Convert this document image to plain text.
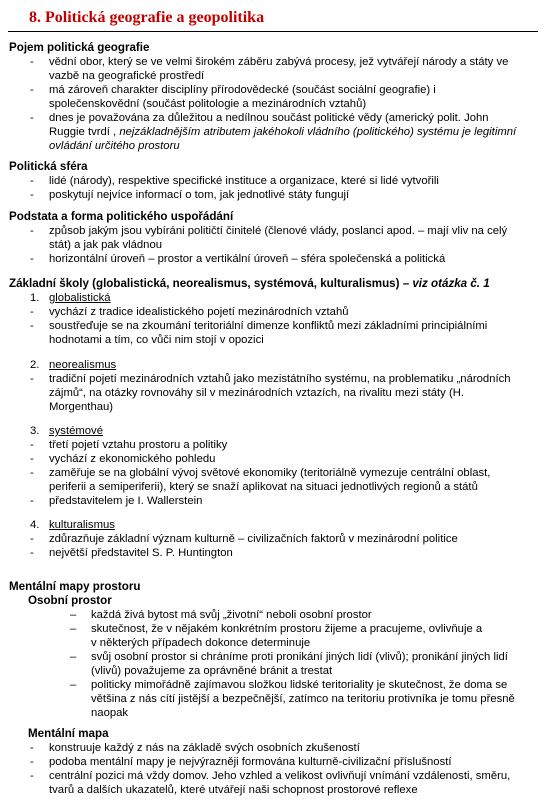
8. Politická geografie a geopolitika
Pojem politická geografie
- vědní obor, který se ve velmi širokém záběru zabývá procesy, jež vytvářejí národy a státy ve
vazbě na geografické prostředí
- má zároveň charakter disciplíny přírodovědecké (součást sociální geografie) i
společenskovědní (součást politologie a mezinárodních vztahů)
- dnes je považována za důležitou a nedílnou součást politické vědy (americký polit. John
Ruggie tvrdí , nejzákladnějším atributem jakéhokoli vládního (politického) systému je legitimní
ovládání určitého prostoru
Politická sféra
- lidé (národy), respektive specifické instituce a organizace, které si lidé vytvořili
- poskytují nejvíce informací o tom, jak jednotlivé státy fungují
Podstata a forma politického uspořádání
- způsob jakým jsou vybíráni političtí činitelé (členové vlády, poslanci apod. – mají vliv na celý
stát) a jak pak vládnou
- horizontální úroveň – prostor a vertikální úroveň – sféra společenská a politická
Základní školy (globalistická, neorealismus, systémová, kulturalismus) – viz otázka č. 1
1. globalistická
- vychází z tradice idealistického pojetí mezinárodních vztahů
- soustřeďuje se na zkoumání teritoriální dimenze konfliktů mezi základními principiálními
hodnotami a tím, co vůči nim stojí v opozici
2. neorealismus
- tradiční pojetí mezinárodních vztahů jako mezistátního systému, na problematiku „národních
zájmů“, na otázky rovnováhy sil v mezinárodních vztazích, na rivalitu mezi státy (H.
Morgenthau)
3. systémové
- třetí pojetí vztahu prostoru a politiky
- vychází z ekonomického pohledu
- zaměřuje se na globální vývoj světové ekonomiky (teritoriálně vymezuje centrální oblast,
periferii a semiperiferii), který se snaží aplikovat na situaci jednotlivých regionů a států
- představitelem je I. Wallerstein
4. kulturalismus
- zdůrazňuje základní význam kulturně – civilizačních faktorů v mezinárodní politice
- největší představitel S. P. Huntington
Mentální mapy prostoru
Osobní prostor
– každá živá bytost má svůj „životní“ neboli osobní prostor
– skutečnost, že v nějakém konkrétním prostoru žijeme a pracujeme, ovlivňuje a
v některých případech dokonce determinuje
– svůj osobní prostor si chráníme proti pronikání jiných lidí (vlivů); pronikání jiných lidí
(vlivů) považujeme za oprávněné bránit a trestat
– politicky mimořádně zajímavou složkou lidské teritoriality je skutečnost, že doma se
většina z nás cítí jistější a bezpečnější, zatímco na teritoriu protivníka je tomu přesně
naopak
Mentální mapa
- konstruuje každý z nás na základě svých osobních zkušeností
- podoba mentální mapy je nejvýrazněji formována kulturně-civilizační příslušností
- centrální pozici má vždy domov. Jeho vzhled a velikost ovlivňují vnímání vzdálenosti, směru,
tvarů a dalších ukazatelů, které utvářejí naši schopnost prostorové reflexe
